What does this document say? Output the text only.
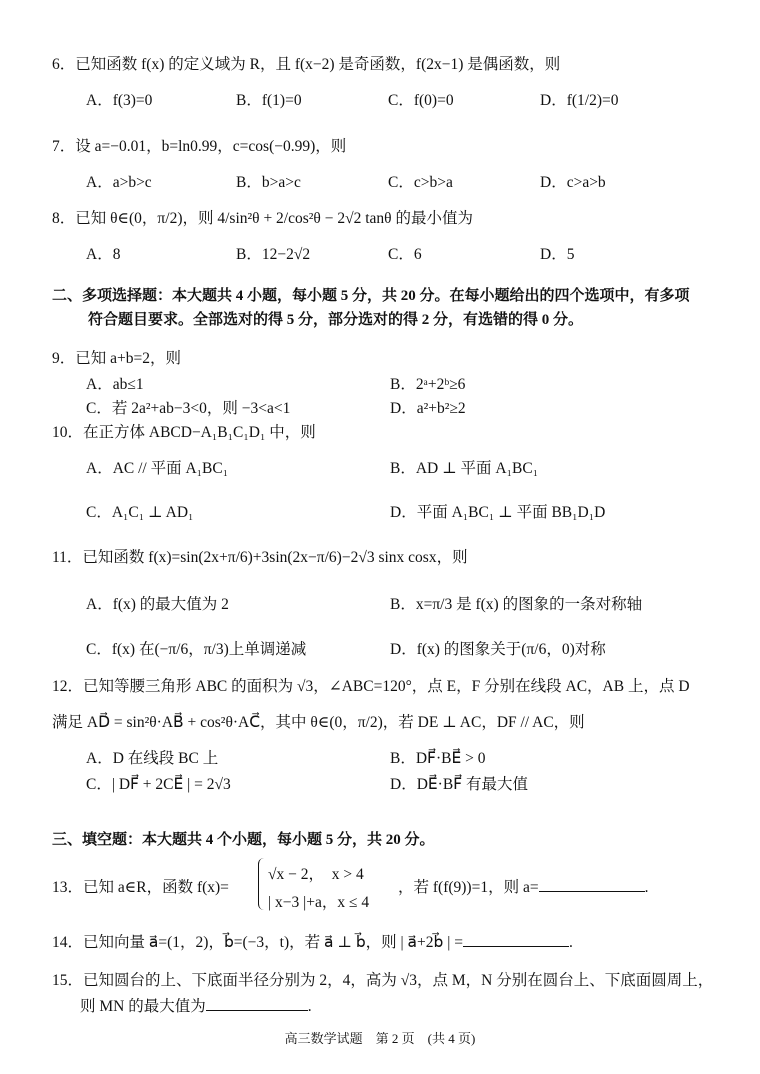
6．已知函数 f(x) 的定义域为 R，且 f(x−2) 是奇函数，f(2x−1) 是偶函数，则
A．f(3)=0	B．f(1)=0	C．f(0)=0	D．f(1/2)=0
7．设 a=−0.01，b=ln0.99，c=cos(−0.99)，则
A．a>b>c	B．b>a>c	C．c>b>a	D．c>a>b
8．已知 θ∈(0，π/2)，则 4/sin²θ + 2/cos²θ − 2√2 tanθ 的最小值为
A．8	B．12−2√2	C．6	D．5
二、多项选择题：本大题共 4 小题，每小题 5 分，共 20 分。在每小题给出的四个选项中，有多项
符合题目要求。全部选对的得 5 分，部分选对的得 2 分，有选错的得 0 分。
9．已知 a+b=2，则
A．ab≤1	B．2ᵃ+2ᵇ≥6
C．若 2a²+ab−3<0，则 −3<a<1	D．a²+b²≥2
10．在正方体 ABCD−A₁B₁C₁D₁ 中，则
A．AC // 平面 A₁BC₁	B．AD ⊥ 平面 A₁BC₁
C．A₁C₁ ⊥ AD₁	D．平面 A₁BC₁ ⊥ 平面 BB₁D₁D
11．已知函数 f(x)=sin(2x+π/6)+3sin(2x−π/6)−2√3 sinx cosx，则
A．f(x) 的最大值为 2	B．x=π/3 是 f(x) 的图象的一条对称轴
C．f(x) 在(−π/6，π/3)上单调递减	D．f(x) 的图象关于(π/6，0)对称
12．已知等腰三角形 ABC 的面积为 √3，∠ABC=120°，点 E，F 分别在线段 AC，AB 上，点 D
满足 AD⃗ = sin²θ·AB⃗ + cos²θ·AC⃗，其中 θ∈(0，π/2)，若 DE ⊥ AC，DF // AC，则
A．D 在线段 BC 上	B．DF⃗·BE⃗ > 0
C．| DF⃗ + 2CE⃗ | = 2√3	D．DE⃗·BF⃗ 有最大值
三、填空题：本大题共 4 个小题，每小题 5 分，共 20 分。
13．已知 a∈R，函数 f(x)=
√x − 2，　x > 4
| x−3 |+a，x ≤ 4
，若 f(f(9))=1，则 a=	.
14．已知向量 a⃗=(1，2)，b⃗=(−3，t)，若 a⃗ ⊥ b⃗，则 | a⃗+2b⃗ | =	.
15．已知圆台的上、下底面半径分别为 2，4，高为 √3，点 M，N 分别在圆台上、下底面圆周上，
则 MN 的最大值为	.
高三数学试题　第 2 页　(共 4 页)
